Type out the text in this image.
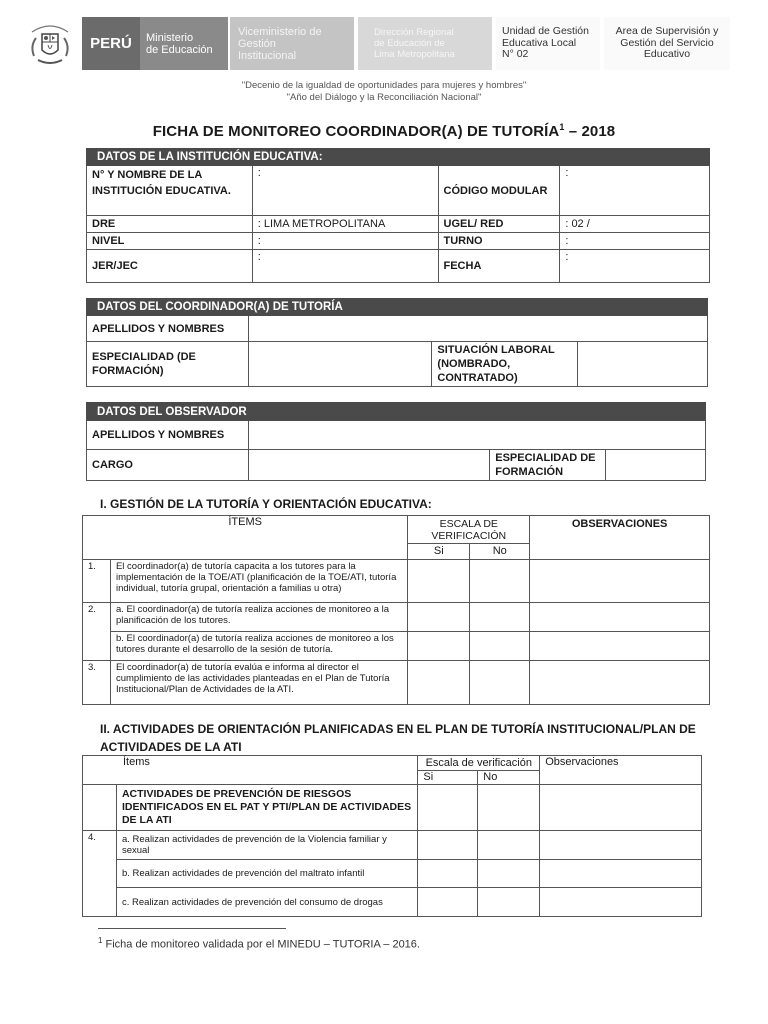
PERÚ Ministerio
de Educación
Viceministerio de
Gestión
Institucional
Dirección Regional
de Educación de
Lima Metropolitana
Unidad de Gestión
Educativa Local
N° 02
Area de Supervisión y
Gestión del Servicio
Educativo
"Decenio de la igualdad de oportunidades para mujeres y hombres"
"Año del Diálogo y la Reconciliación Nacional"
FICHA DE MONITOREO COORDINADOR(A) DE TUTORÍA$^1$ – 2018
DATOS DE LA INSTITUCIÓN EDUCATIVA:			
N° Y NOMBRE DE LA INSTITUCIÓN EDUCATIVA.	:	CÓDIGO MODULAR	:
DRE	: LIMA METROPOLITANA	UGEL/ RED	: 02 /
NIVEL	:	TURNO	:
JER/JEC	:	FECHA	:
DATOS DEL COORDINADOR(A) DE TUTORÍA			
APELLIDOS Y NOMBRES			
ESPECIALIDAD (DE FORMACIÓN)		SITUACIÓN LABORAL (NOMBRADO, CONTRATADO)	
DATOS DEL OBSERVADOR			
APELLIDOS Y NOMBRES			
CARGO		ESPECIALIDAD DE FORMACIÓN	
I. GESTIÓN DE LA TUTORÍA Y ORIENTACIÓN EDUCATIVA:
ÍTEMS		ESCALA DE VERIFICACIÓN		OBSERVACIONES
		Si	No	
1.	El coordinador(a) de tutoría capacita a los tutores para la implementación de la TOE/ATI (planificación de la TOE/ATI, tutoría individual, tutoría grupal, orientación a familias u otra)			
2.	a. El coordinador(a) de tutoría realiza acciones de monitoreo a la planificación de los tutores.			
	b. El coordinador(a) de tutoría realiza acciones de monitoreo a los tutores durante el desarrollo de la sesión de tutoría.			
3.	El coordinador(a) de tutoría evalúa e informa al director el cumplimiento de las actividades planteadas en el Plan de Tutoría Institucional/Plan de Actividades de la ATI.			
II. ACTIVIDADES DE ORIENTACIÓN PLANIFICADAS EN EL PLAN DE TUTORÍA INSTITUCIONAL/PLAN DE ACTIVIDADES DE LA ATI
Ítems		Escala de verificación		Observaciones
		Si	No	
	ACTIVIDADES DE PREVENCIÓN DE RIESGOS IDENTIFICADOS EN EL PAT Y PTI/PLAN DE ACTIVIDADES DE LA ATI			
4.	a. Realizan actividades de prevención de la Violencia familiar y sexual			
	b. Realizan actividades de prevención del maltrato infantil			
	c. Realizan actividades de prevención del consumo de drogas			
$^1$ Ficha de monitoreo validada por el MINEDU – TUTORIA – 2016.
